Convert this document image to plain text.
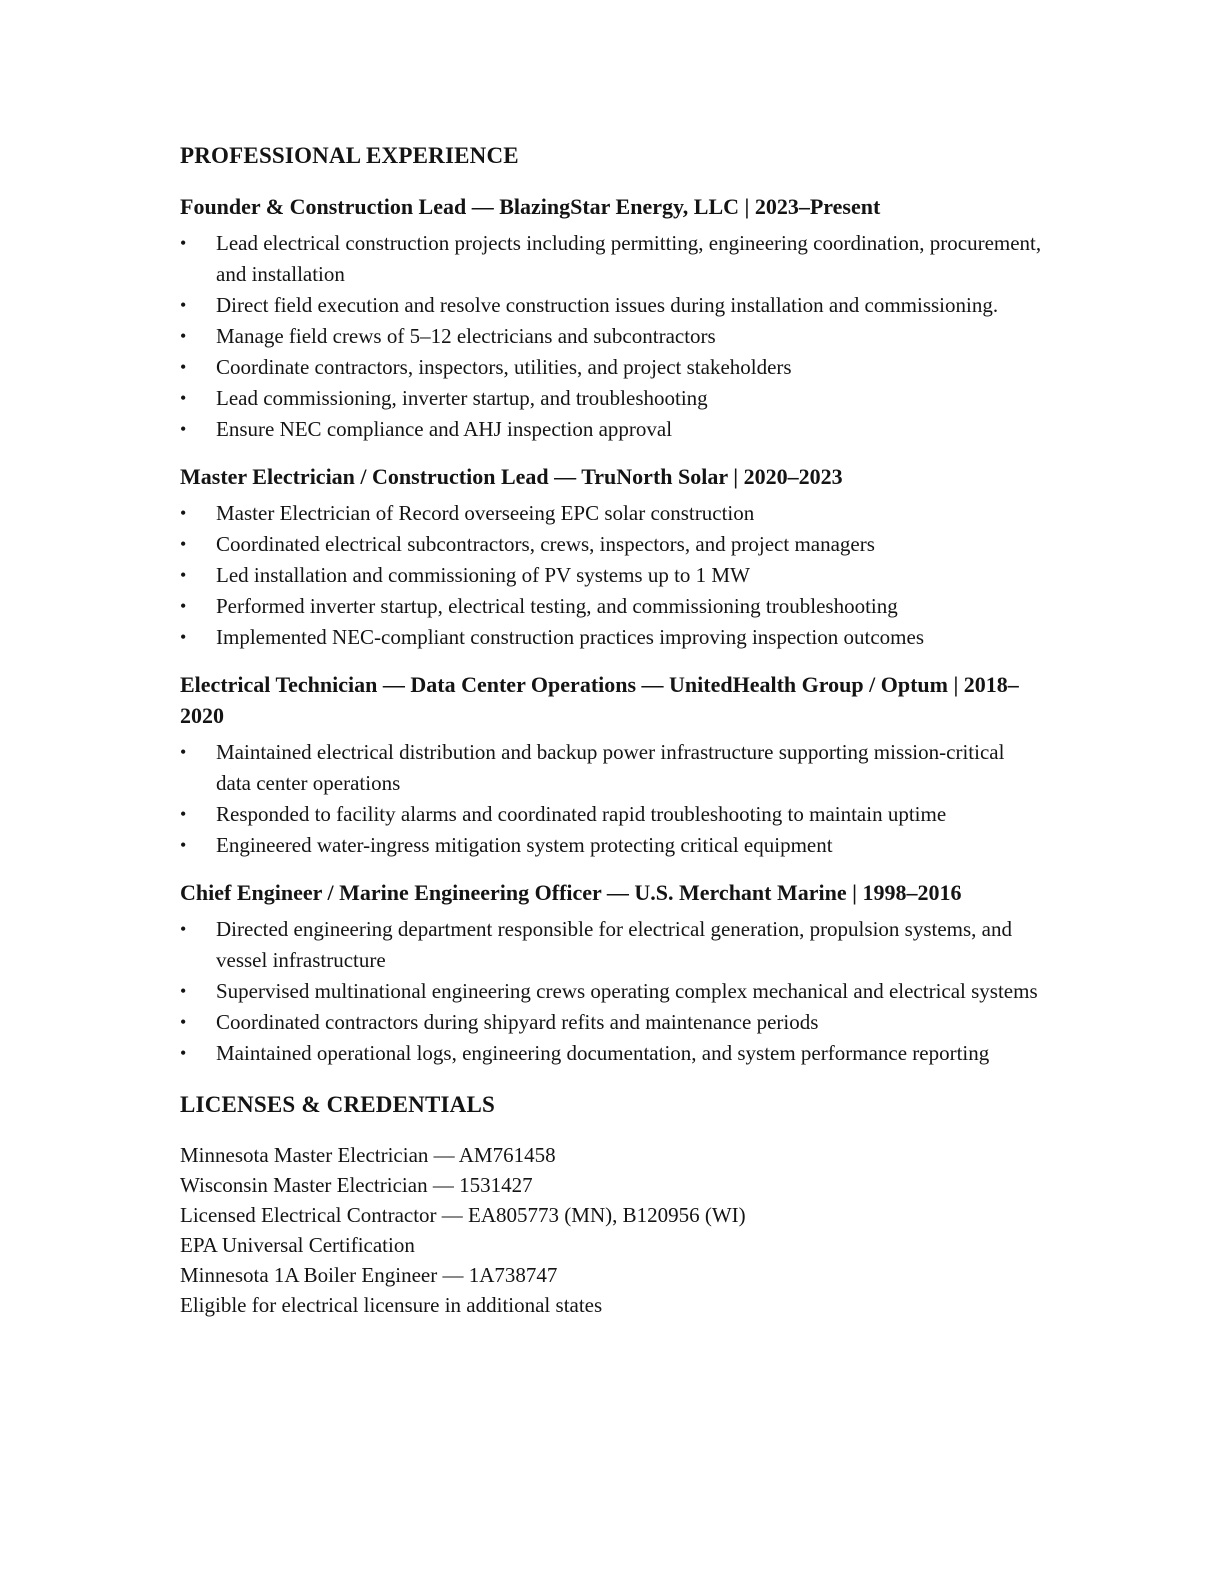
PROFESSIONAL EXPERIENCE
Founder & Construction Lead — BlazingStar Energy, LLC | 2023–Present
•	Lead electrical construction projects including permitting, engineering coordination, procurement, and installation
•	Direct field execution and resolve construction issues during installation and commissioning.
•	Manage field crews of 5–12 electricians and subcontractors
•	Coordinate contractors, inspectors, utilities, and project stakeholders
•	Lead commissioning, inverter startup, and troubleshooting
•	Ensure NEC compliance and AHJ inspection approval
Master Electrician / Construction Lead — TruNorth Solar | 2020–2023
•	Master Electrician of Record overseeing EPC solar construction
•	Coordinated electrical subcontractors, crews, inspectors, and project managers
•	Led installation and commissioning of PV systems up to 1 MW
•	Performed inverter startup, electrical testing, and commissioning troubleshooting
•	Implemented NEC-compliant construction practices improving inspection outcomes
Electrical Technician — Data Center Operations — UnitedHealth Group / Optum | 2018–2020
•	Maintained electrical distribution and backup power infrastructure supporting mission-critical data center operations
•	Responded to facility alarms and coordinated rapid troubleshooting to maintain uptime
•	Engineered water-ingress mitigation system protecting critical equipment
Chief Engineer / Marine Engineering Officer — U.S. Merchant Marine | 1998–2016
•	Directed engineering department responsible for electrical generation, propulsion systems, and vessel infrastructure
•	Supervised multinational engineering crews operating complex mechanical and electrical systems
•	Coordinated contractors during shipyard refits and maintenance periods
•	Maintained operational logs, engineering documentation, and system performance reporting
LICENSES & CREDENTIALS

Minnesota Master Electrician — AM761458

Wisconsin Master Electrician — 1531427

Licensed Electrical Contractor — EA805773 (MN), B120956 (WI)

EPA Universal Certification

Minnesota 1A Boiler Engineer — 1A738747

Eligible for electrical licensure in additional states
